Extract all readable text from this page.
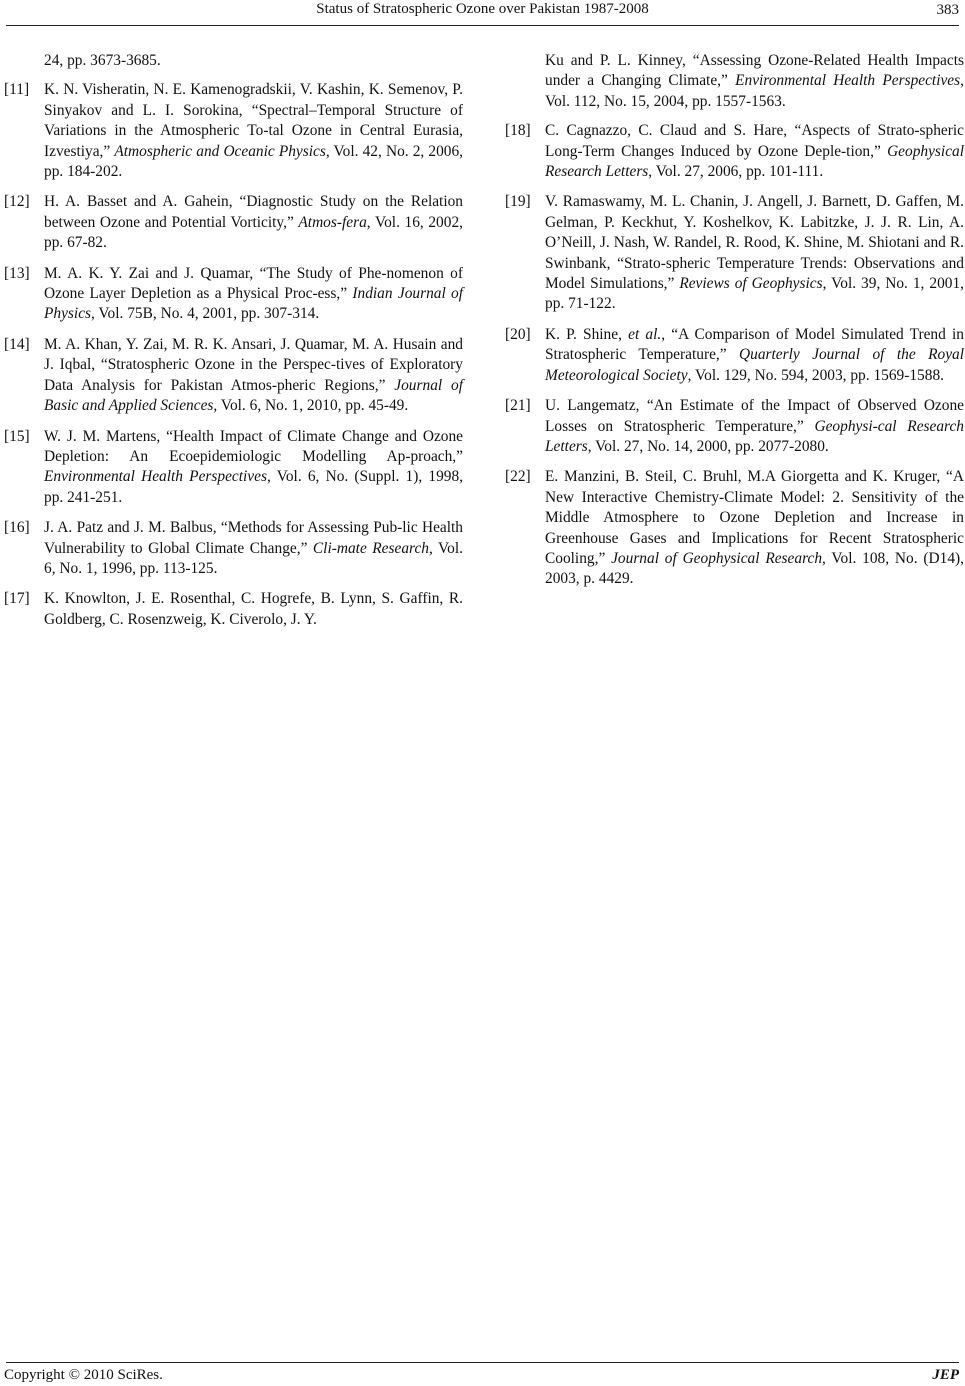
Status of Stratospheric Ozone over Pakistan 1987-2008	383
24, pp. 3673-3685.
[11] K. N. Visheratin, N. E. Kamenogradskii, V. Kashin, K. Semenov, P. Sinyakov and L. I. Sorokina, “Spectral–Temporal Structure of Variations in the Atmospheric To-tal Ozone in Central Eurasia, Izvestiya,” Atmospheric and Oceanic Physics, Vol. 42, No. 2, 2006, pp. 184-202.
[12] H. A. Basset and A. Gahein, “Diagnostic Study on the Relation between Ozone and Potential Vorticity,” Atmos-fera, Vol. 16, 2002, pp. 67-82.
[13] M. A. K. Y. Zai and J. Quamar, “The Study of Phe-nomenon of Ozone Layer Depletion as a Physical Proc-ess,” Indian Journal of Physics, Vol. 75B, No. 4, 2001, pp. 307-314.
[14] M. A. Khan, Y. Zai, M. R. K. Ansari, J. Quamar, M. A. Husain and J. Iqbal, “Stratospheric Ozone in the Perspec-tives of Exploratory Data Analysis for Pakistan Atmos-pheric Regions,” Journal of Basic and Applied Sciences, Vol. 6, No. 1, 2010, pp. 45-49.
[15] W. J. M. Martens, “Health Impact of Climate Change and Ozone Depletion: An Ecoepidemiologic Modelling Ap-proach,” Environmental Health Perspectives, Vol. 6, No. (Suppl. 1), 1998, pp. 241-251.
[16] J. A. Patz and J. M. Balbus, “Methods for Assessing Pub-lic Health Vulnerability to Global Climate Change,” Cli-mate Research, Vol. 6, No. 1, 1996, pp. 113-125.
[17] K. Knowlton, J. E. Rosenthal, C. Hogrefe, B. Lynn, S. Gaffin, R. Goldberg, C. Rosenzweig, K. Civerolo, J. Y.
Ku and P. L. Kinney, “Assessing Ozone-Related Health Impacts under a Changing Climate,” Environmental Health Perspectives, Vol. 112, No. 15, 2004, pp. 1557-1563.
[18] C. Cagnazzo, C. Claud and S. Hare, “Aspects of Strato-spheric Long-Term Changes Induced by Ozone Deple-tion,” Geophysical Research Letters, Vol. 27, 2006, pp. 101-111.
[19] V. Ramaswamy, M. L. Chanin, J. Angell, J. Barnett, D. Gaffen, M. Gelman, P. Keckhut, Y. Koshelkov, K. Labitzke, J. J. R. Lin, A. O’Neill, J. Nash, W. Randel, R. Rood, K. Shine, M. Shiotani and R. Swinbank, “Strato-spheric Temperature Trends: Observations and Model Simulations,” Reviews of Geophysics, Vol. 39, No. 1, 2001, pp. 71-122.
[20] K. P. Shine, et al., “A Comparison of Model Simulated Trend in Stratospheric Temperature,” Quarterly Journal of the Royal Meteorological Society, Vol. 129, No. 594, 2003, pp. 1569-1588.
[21] U. Langematz, “An Estimate of the Impact of Observed Ozone Losses on Stratospheric Temperature,” Geophysi-cal Research Letters, Vol. 27, No. 14, 2000, pp. 2077-2080.
[22] E. Manzini, B. Steil, C. Bruhl, M.A Giorgetta and K. Kruger, “A New Interactive Chemistry-Climate Model: 2. Sensitivity of the Middle Atmosphere to Ozone Depletion and Increase in Greenhouse Gases and Implications for Recent Stratospheric Cooling,” Journal of Geophysical Research, Vol. 108, No. (D14), 2003, p. 4429.
Copyright © 2010 SciRes.	JEP
